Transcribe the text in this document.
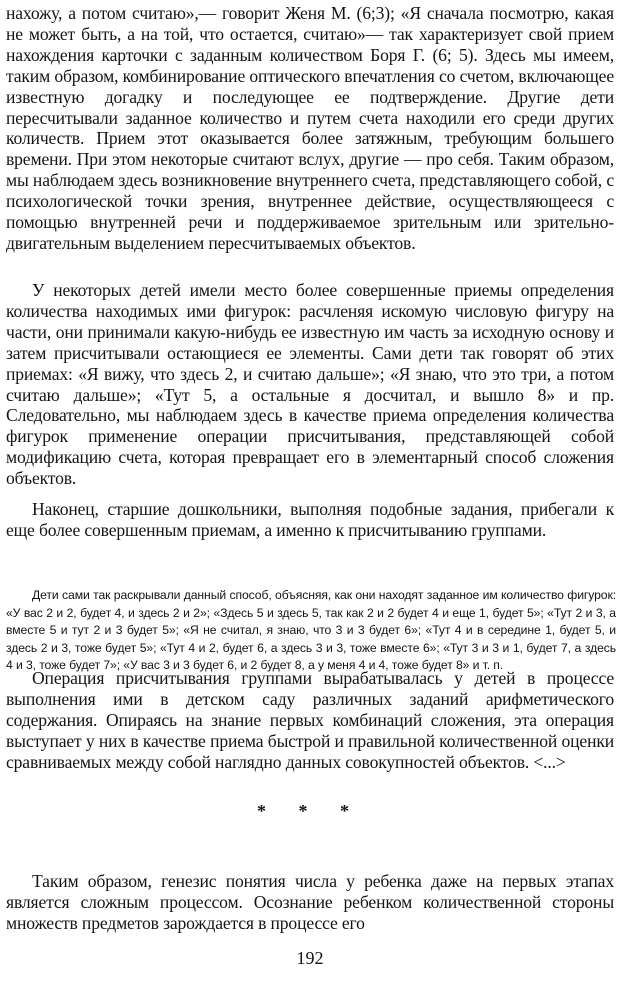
нахожу, а потом считаю»,— говорит Женя М. (6;3); «Я сначала посмотрю, какая не может быть, а на той, что остается, считаю»— так характеризует свой прием нахождения карточки с заданным количеством Боря Г. (6; 5). Здесь мы имеем, таким образом, комбинирование оптического впечатления со счетом, включающее известную догадку и последующее ее подтверждение. Другие дети пересчитывали заданное количество и путем счета находили его среди других количеств. Прием этот оказывается более затяжным, требующим большего времени. При этом некоторые считают вслух, другие — про себя. Таким образом, мы наблюдаем здесь возникновение внутреннего счета, представляющего собой, с психологической точки зрения, внутреннее действие, осуществляющееся с помощью внутренней речи и поддерживаемое зрительным или зрительно-двигательным выделением пересчитываемых объектов.

У некоторых детей имели место более совершенные приемы определения количества находимых ими фигурок: расчленяя искомую числовую фигуру на части, они принимали какую-нибудь ее известную им часть за исходную основу и затем присчитывали остающиеся ее элементы. Сами дети так говорят об этих приемах: «Я вижу, что здесь 2, и считаю дальше»; «Я знаю, что это три, а потом считаю дальше»; «Тут 5, а остальные я досчитал, и вышло 8» и пр. Следовательно, мы наблюдаем здесь в качестве приема определения количества фигурок применение операции присчитывания, представляющей собой модификацию счета, которая превращает его в элементарный способ сложения объектов.

Наконец, старшие дошкольники, выполняя подобные задания, прибегали к еще более совершенным приемам, а именно к присчитыванию группами.

Дети сами так раскрывали данный способ, объясняя, как они находят заданное им количество фигурок: «У вас 2 и 2, будет 4, и здесь 2 и 2»; «Здесь 5 и здесь 5, так как 2 и 2 будет 4 и еще 1, будет 5»; «Тут 2 и 3, а вместе 5 и тут 2 и 3 будет 5»; «Я не считал, я знаю, что 3 и 3 будет 6»; «Тут 4 и в середине 1, будет 5, и здесь 2 и 3, тоже будет 5»; «Тут 4 и 2, будет 6, а здесь 3 и 3, тоже вместе 6»; «Тут 3 и 3 и 1, будет 7, а здесь 4 и 3, тоже будет 7»; «У вас 3 и 3 будет 6, и 2 будет 8, а у меня 4 и 4, тоже будет 8» и т. п.

Операция присчитывания группами вырабатывалась у детей в процессе выполнения ими в детском саду различных заданий арифметического содержания. Опираясь на знание первых комбинаций сложения, эта операция выступает у них в качестве приема быстрой и правильной количественной оценки сравниваемых между собой наглядно данных совокупностей объектов. <...>

* * *

Таким образом, генезис понятия числа у ребенка даже на первых этапах является сложным процессом. Осознание ребенком количественной стороны множеств предметов зарождается в процессе его

192
